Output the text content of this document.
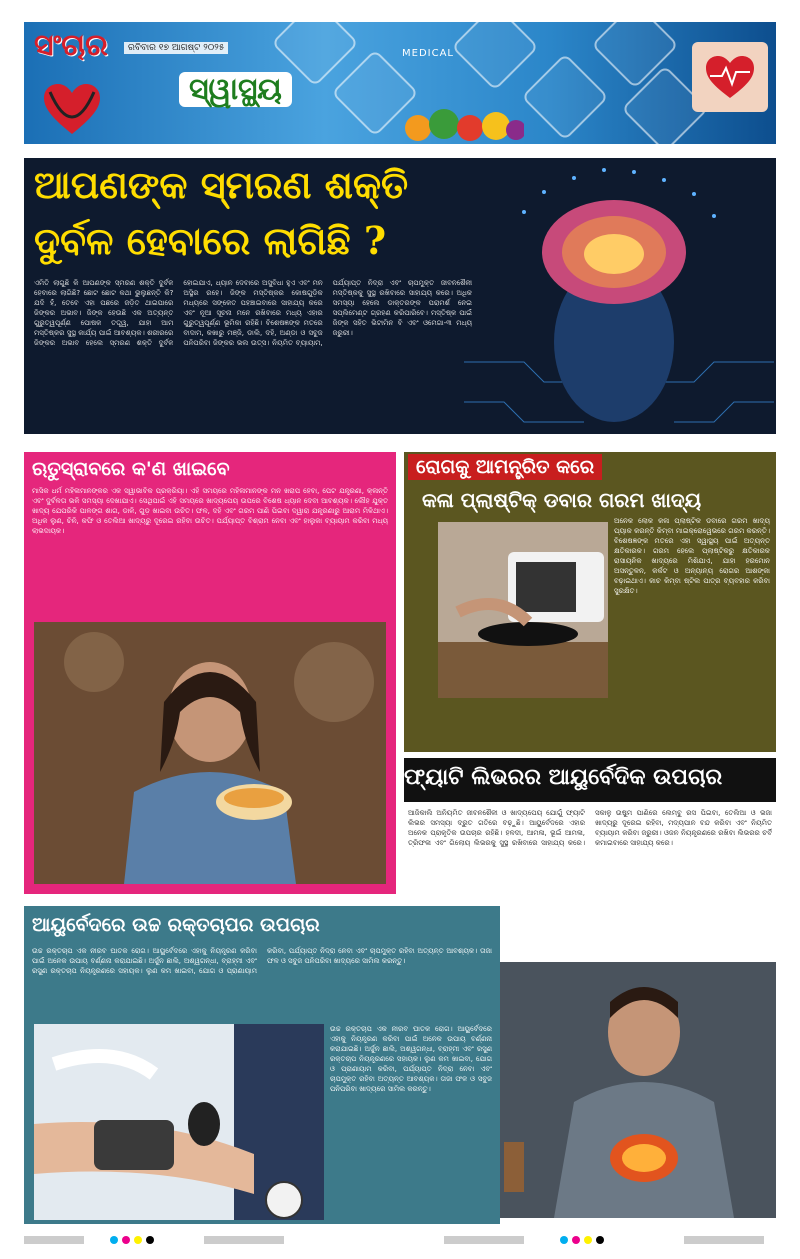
ସଂଚାର	ରବିବାର ୧୭ ଆଗଷ୍ଟ ୨୦୨୫
ସ୍ୱାସ୍ଥ୍ୟ
MEDICAL
ଆପଣଙ୍କ ସ୍ମରଣ ଶକ୍ତି
ଦୁର୍ବଳ ହେବାରେ ଲାଗିଛି ?
ଏମିତି ଲାଗୁଛି କି ଆପଣଙ୍କ ସ୍ମରଣ ଶକ୍ତି ଦୁର୍ବଳ ହେବାରେ ଲାଗିଛି? ଛୋଟ ଛୋଟ କଥା ଭୁଲୁଛନ୍ତି କି? ଯଦି ହଁ, ତେବେ ଏହା ପଛରେ ଜଡ଼ିତ ଥାଇପାରେ ଜିଙ୍କର ଅଭାବ। ଜିଙ୍କ ହେଉଛି ଏକ ଅତ୍ୟନ୍ତ ଗୁରୁତ୍ୱପୂର୍ଣ୍ଣ ପୋଷକ ତତ୍ତ୍ୱ, ଯାହା ଆମ ମସ୍ତିଷ୍କର ସୁସ୍ଥ କାର୍ଯ୍ୟ ପାଇଁ ଆବଶ୍ୟକ। ଶରୀରରେ ଜିଙ୍କର ଅଭାବ ହେଲେ ସ୍ମରଣ ଶକ୍ତି ଦୁର୍ବଳ ହୋଇଯାଏ, ଧ୍ୟାନ ଦେବାରେ ଅସୁବିଧା ହୁଏ ଏବଂ ମନ ଅସ୍ଥିର ରହେ। ଜିଙ୍କ ମସ୍ତିଷ୍କର କୋଷଗୁଡ଼ିକ ମଧ୍ୟରେ ସଙ୍କେତ ପହଞ୍ଚାଇବାରେ ସାହାଯ୍ୟ କରେ ଏବଂ ନୂଆ ସୂଚନା ମନେ ରଖିବାରେ ମଧ୍ୟ ଏହାର ଗୁରୁତ୍ୱପୂର୍ଣ୍ଣ ଭୂମିକା ରହିଛି। ବିଶେଷଜ୍ଞଙ୍କ ମତରେ ବାଦାମ, କଖାରୁ ମଞ୍ଜି, ଡାଲି, ଦହି, ଅଣ୍ଡା ଓ ସବୁଜ ପନିପରିବା ଜିଙ୍କର ଭଲ ଉତ୍ସ। ନିୟମିତ ବ୍ୟାୟାମ, ପର୍ଯ୍ୟାପ୍ତ ନିଦ୍ରା ଏବଂ ଚାପମୁକ୍ତ ଜୀବନଶୈଳୀ ମସ୍ତିଷ୍କକୁ ସୁସ୍ଥ ରଖିବାରେ ସାହାଯ୍ୟ କରେ। ଅଧିକ ସମସ୍ୟା ହେଲେ ଡାକ୍ତରଙ୍କ ପରାମର୍ଶ ନେଇ ସପ୍ଲିମେଣ୍ଟ ଗ୍ରହଣ କରିପାରିବେ। ମସ୍ତିଷ୍କ ପାଇଁ ଜିଙ୍କ ସହିତ ଭିଟାମିନ ବି ଏବଂ ଓମେଗା-୩ ମଧ୍ୟ ଜରୁରୀ।
ଋତୁସ୍ରାବରେ କ'ଣ ଖାଇବେ
ମାସିକ ଧର୍ମ ମହିଳାମାନଙ୍କର ଏକ ସ୍ୱାଭାବିକ ପ୍ରକ୍ରିୟା। ଏହି ସମୟରେ ମହିଳାମାନଙ୍କ ମନ ଖରାପ ହେବା, ପେଟ ଯନ୍ତ୍ରଣା, କ୍ଳାନ୍ତି ଏବଂ ଦୁର୍ବଳତା ଭଳି ସମସ୍ୟା ଦେଖାଯାଏ। ସେଥିପାଇଁ ଏହି ସମୟରେ ଖାଦ୍ୟପେୟ ଉପରେ ବିଶେଷ ଧ୍ୟାନ ଦେବା ଆବଶ୍ୟକ। ଲୌହ ଯୁକ୍ତ ଖାଦ୍ୟ ଯେପରିକି ପାଳଙ୍ଗ ଶାଗ, ଡାଳି, ଗୁଡ଼ ଖାଇବା ଉଚିତ। ଫଳ, ଦହି ଏବଂ ଗରମ ପାଣି ପିଇବା ଦ୍ୱାରା ଯନ୍ତ୍ରଣାରୁ ଆରାମ ମିଳିଥାଏ। ଅଧିକ ଲୁଣ, ଚିନି, କଫି ଓ ତେଲିଆ ଖାଦ୍ୟରୁ ଦୂରେଇ ରହିବା ଉଚିତ। ପର୍ଯ୍ୟାପ୍ତ ବିଶ୍ରାମ ନେବା ଏବଂ ହାଲୁକା ବ୍ୟାୟାମ କରିବା ମଧ୍ୟ ଲାଭଦାୟକ।
ରୋଗକୁ ଆମନ୍ତ୍ରିତ କରେ
କଳା ପ୍ଲାଷ୍ଟିକ୍ ଡବାର ଗରମ ଖାଦ୍ୟ
ଅନେକ ଲୋକ କଳା ପ୍ଲାଷ୍ଟିକ ଡବାରେ ଗରମ ଖାଦ୍ୟ ପ୍ୟାକ କରନ୍ତି କିମ୍ବା ମାଇକ୍ରୋୱେଭରେ ଗରମ କରନ୍ତି। ବିଶେଷଜ୍ଞଙ୍କ ମତରେ ଏହା ସ୍ୱାସ୍ଥ୍ୟ ପାଇଁ ଅତ୍ୟନ୍ତ କ୍ଷତିକାରକ। ଗରମ ହେଲେ ପ୍ଲାଷ୍ଟିକରୁ କ୍ଷତିକାରକ ରାସାୟନିକ ଖାଦ୍ୟରେ ମିଶିଯାଏ, ଯାହା ହରମୋନ ଅସନ୍ତୁଳନ, କର୍କଟ ଓ ଅନ୍ୟାନ୍ୟ ରୋଗର ଆଶଙ୍କା ବଢ଼ାଇଥାଏ। କାଚ କିମ୍ବା ଷ୍ଟିଲ ପାତ୍ର ବ୍ୟବହାର କରିବା ସୁରକ୍ଷିତ।
ଫ୍ୟାଟି ଲିଭରର ଆୟୁର୍ବେଦିକ ଉପଚାର
ଆଜିକାଲି ଅନିୟମିତ ଜୀବନଶୈଳୀ ଓ ଖାଦ୍ୟପେୟ ଯୋଗୁଁ ଫ୍ୟାଟି ଲିଭର ସମସ୍ୟା ଦ୍ରୁତ ଗତିରେ ବଢ଼ୁଛି। ଆୟୁର୍ବେଦରେ ଏହାର ଅନେକ ପ୍ରାକୃତିକ ଉପଚାର ରହିଛି। ହଳଦୀ, ଆମଳା, ଭୂଇଁ ଆମଳା, ତ୍ରିଫଳା ଏବଂ ଗିଲୋୟ ଲିଭରକୁ ସୁସ୍ଥ ରଖିବାରେ ସାହାଯ୍ୟ କରେ। ସକାଳୁ ଉଷୁମ ପାଣିରେ ଲେମ୍ବୁ ରସ ପିଇବା, ତେଲିଆ ଓ ଭଜା ଖାଦ୍ୟରୁ ଦୂରେଇ ରହିବା, ମଦ୍ୟପାନ ବନ୍ଦ କରିବା ଏବଂ ନିୟମିତ ବ୍ୟାୟାମ କରିବା ଜରୁରୀ। ଓଜନ ନିୟନ୍ତ୍ରଣରେ ରଖିବା ଲିଭରର ଚର୍ବି କମାଇବାରେ ସାହାଯ୍ୟ କରେ।
ଆୟୁର୍ବେଦରେ ଉଚ୍ଚ ରକ୍ତଚାପର ଉପଚାର
ଉଚ୍ଚ ରକ୍ତଚାପ ଏକ ନୀରବ ଘାତକ ରୋଗ। ଆୟୁର୍ବେଦରେ ଏହାକୁ ନିୟନ୍ତ୍ରଣ କରିବା ପାଇଁ ଅନେକ ଉପାୟ ବର୍ଣ୍ଣନା କରାଯାଇଛି। ଅର୍ଜୁନ ଛାଲି, ଅଶ୍ୱଗନ୍ଧା, ବ୍ରାହ୍ମୀ ଏବଂ ରସୁଣ ରକ୍ତଚାପ ନିୟନ୍ତ୍ରଣରେ ସହାୟକ। ଲୁଣ କମ ଖାଇବା, ଯୋଗ ଓ ପ୍ରାଣାୟାମ କରିବା, ପର୍ଯ୍ୟାପ୍ତ ନିଦ୍ରା ନେବା ଏବଂ ଚାପମୁକ୍ତ ରହିବା ଅତ୍ୟନ୍ତ ଆବଶ୍ୟକ। ତାଜା ଫଳ ଓ ସବୁଜ ପନିପରିବା ଖାଦ୍ୟରେ ସାମିଲ କରନ୍ତୁ।
ଉଚ୍ଚ ରକ୍ତଚାପ ଏକ ନୀରବ ଘାତକ ରୋଗ। ଆୟୁର୍ବେଦରେ ଏହାକୁ ନିୟନ୍ତ୍ରଣ କରିବା ପାଇଁ ଅନେକ ଉପାୟ ବର୍ଣ୍ଣନା କରାଯାଇଛି। ଅର୍ଜୁନ ଛାଲି, ଅଶ୍ୱଗନ୍ଧା, ବ୍ରାହ୍ମୀ ଏବଂ ରସୁଣ ରକ୍ତଚାପ ନିୟନ୍ତ୍ରଣରେ ସହାୟକ। ଲୁଣ କମ ଖାଇବା, ଯୋଗ ଓ ପ୍ରାଣାୟାମ କରିବା, ପର୍ଯ୍ୟାପ୍ତ ନିଦ୍ରା ନେବା ଏବଂ ଚାପମୁକ୍ତ ରହିବା ଅତ୍ୟନ୍ତ ଆବଶ୍ୟକ। ତାଜା ଫଳ ଓ ସବୁଜ ପନିପରିବା ଖାଦ୍ୟରେ ସାମିଲ କରନ୍ତୁ।
